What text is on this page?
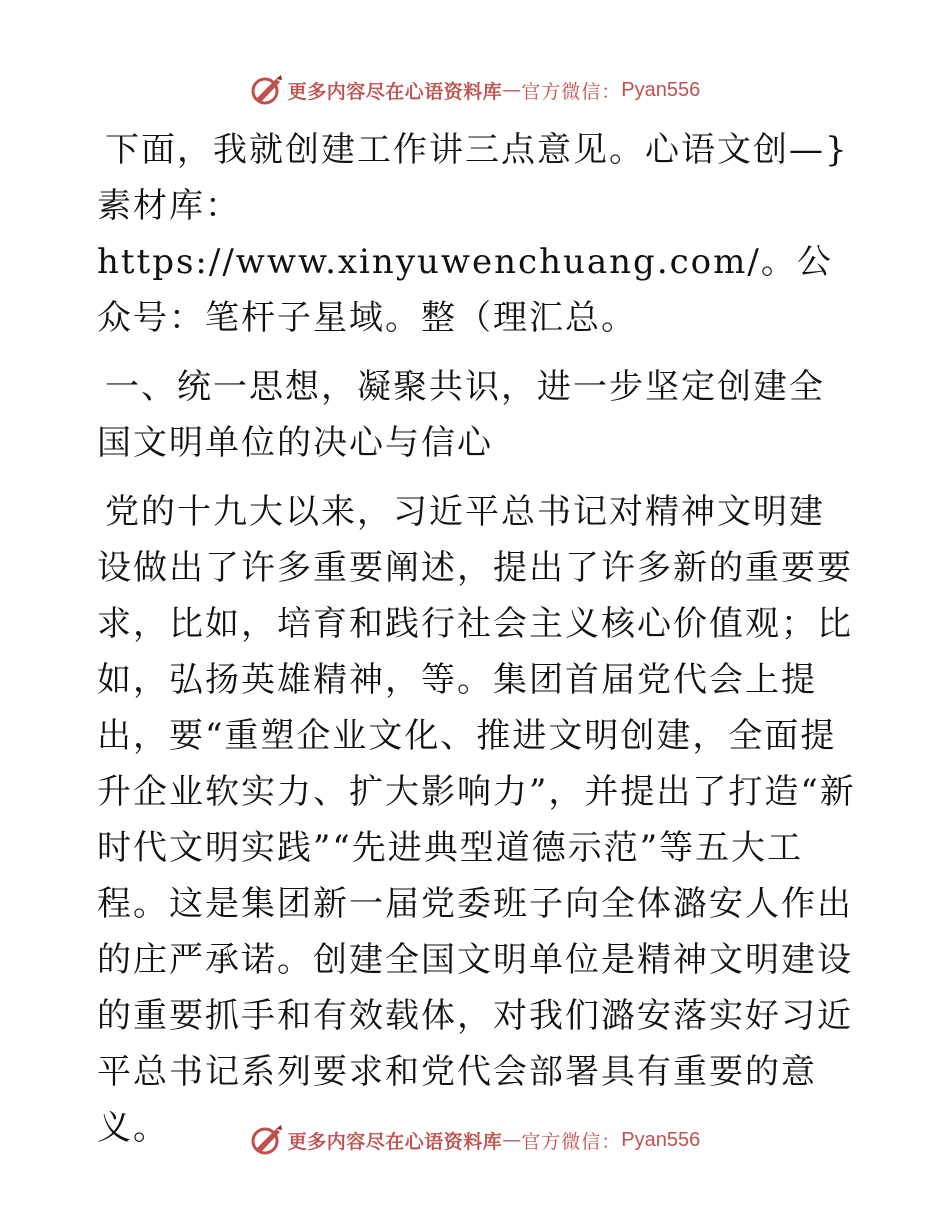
更多内容尽在心语资料库 — 官方微信： Pyan556

下面，我就创建工作讲三点意见。心语文创—}素材库：https://www.xinyuwenchuang.com/。公众号：笔杆子星域。整（理汇总。

一、统一思想，凝聚共识，进一步坚定创建全国文明单位的决心与信心

党的十九大以来，习近平总书记对精神文明建设做出了许多重要阐述，提出了许多新的重要要求，比如，培育和践行社会主义核心价值观；比如，弘扬英雄精神，等。集团首届党代会上提出，要“重塑企业文化、推进文明创建，全面提升企业软实力、扩大影响力”，并提出了打造“新时代文明实践”“先进典型道德示范”等五大工程。这是集团新一届党委班子向全体潞安人作出的庄严承诺。创建全国文明单位是精神文明建设的重要抓手和有效载体，对我们潞安落实好习近平总书记系列要求和党代会部署具有重要的意义。	更多内容尽在心语资料库 — 官方微信： Pyan556
